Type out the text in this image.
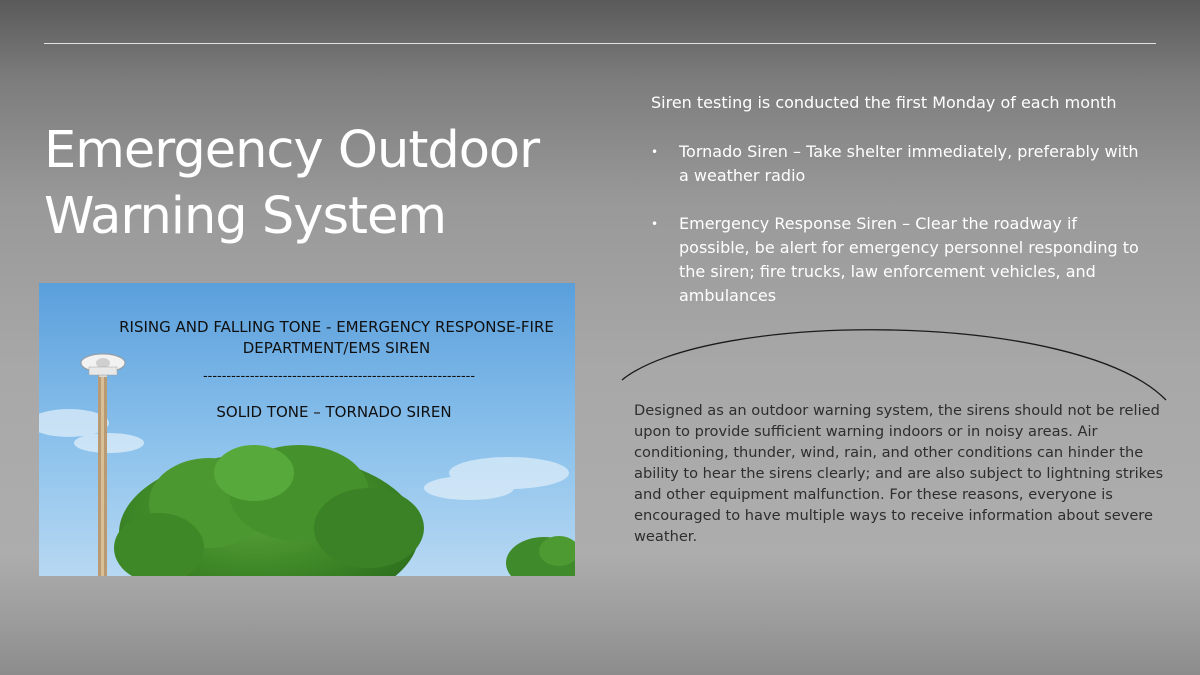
Emergency Outdoor
Warning System
RISING AND FALLING TONE - EMERGENCY RESPONSE-FIRE DEPARTMENT/EMS SIREN
----------------------------------------------------------
SOLID TONE – TORNADO SIREN

Siren testing is conducted the first Monday of each month

• Tornado Siren – Take shelter immediately, preferably with a weather radio
• Emergency Response Siren – Clear the roadway if possible, be alert for emergency personnel responding to the siren; fire trucks, law enforcement vehicles, and ambulances

Designed as an outdoor warning system, the sirens should not be relied upon to provide sufficient warning indoors or in noisy areas. Air conditioning, thunder, wind, rain, and other conditions can hinder the ability to hear the sirens clearly; and are also subject to lightning strikes and other equipment malfunction. For these reasons, everyone is encouraged to have multiple ways to receive information about severe weather.
